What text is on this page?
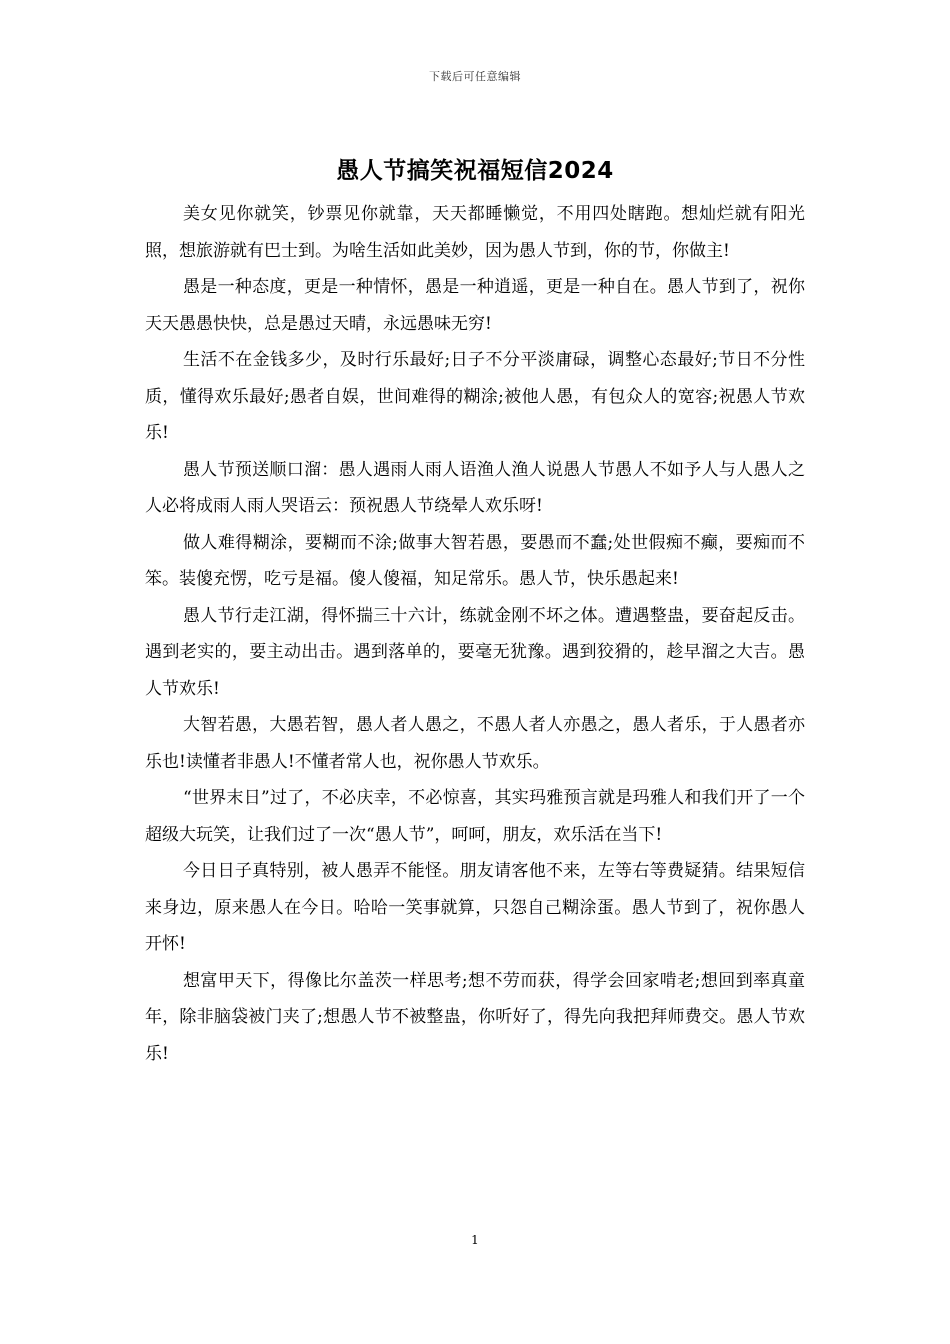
下载后可任意编辑
愚人节搞笑祝福短信2024

美女见你就笑，钞票见你就靠，天天都睡懒觉，不用四处瞎跑。想灿烂就有阳光照，想旅游就有巴士到。为啥生活如此美妙，因为愚人节到，你的节，你做主!

愚是一种态度，更是一种情怀，愚是一种逍遥，更是一种自在。愚人节到了，祝你天天愚愚快快，总是愚过天晴，永远愚味无穷!

生活不在金钱多少，及时行乐最好;日子不分平淡庸碌，调整心态最好;节日不分性质，懂得欢乐最好;愚者自娱，世间难得的糊涂;被他人愚，有包众人的宽容;祝愚人节欢乐!

愚人节预送顺口溜：愚人遇雨人雨人语渔人渔人说愚人节愚人不如予人与人愚人之人必将成雨人雨人哭语云：预祝愚人节绕晕人欢乐呀!

做人难得糊涂，要糊而不涂;做事大智若愚，要愚而不蠢;处世假痴不癫，要痴而不笨。装傻充愣，吃亏是福。傻人傻福，知足常乐。愚人节，快乐愚起来!

愚人节行走江湖，得怀揣三十六计，练就金刚不坏之体。遭遇整蛊，要奋起反击。遇到老实的，要主动出击。遇到落单的，要毫无犹豫。遇到狡猾的，趁早溜之大吉。愚人节欢乐!

大智若愚，大愚若智，愚人者人愚之，不愚人者人亦愚之，愚人者乐，于人愚者亦乐也!读懂者非愚人!不懂者常人也，祝你愚人节欢乐。

“世界末日”过了，不必庆幸，不必惊喜，其实玛雅预言就是玛雅人和我们开了一个超级大玩笑，让我们过了一次“愚人节”，呵呵，朋友，欢乐活在当下!

今日日子真特别，被人愚弄不能怪。朋友请客他不来，左等右等费疑猜。结果短信来身边，原来愚人在今日。哈哈一笑事就算，只怨自己糊涂蛋。愚人节到了，祝你愚人开怀!

想富甲天下，得像比尔盖茨一样思考;想不劳而获，得学会回家啃老;想回到率真童年，除非脑袋被门夹了;想愚人节不被整蛊，你听好了，得先向我把拜师费交。愚人节欢乐!

1
